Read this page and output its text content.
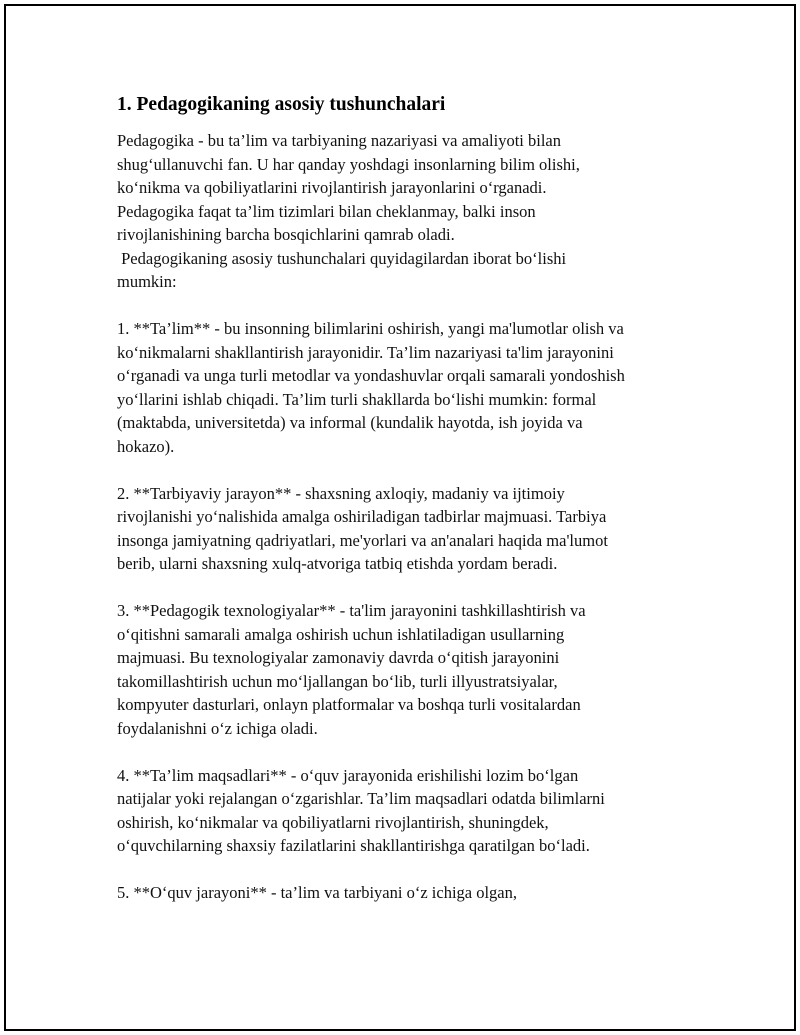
1. Pedagogikaning asosiy tushunchalari

Pedagogika - bu ta’lim va tarbiyaning nazariyasi va amaliyoti bilan
shug‘ullanuvchi fan. U har qanday yoshdagi insonlarning bilim olishi,
ko‘nikma va qobiliyatlarini rivojlantirish jarayonlarini o‘rganadi.
Pedagogika faqat ta’lim tizimlari bilan cheklanmay, balki inson
rivojlanishining barcha bosqichlarini qamrab oladi.

Pedagogikaning asosiy tushunchalari quyidagilardan iborat bo‘lishi
mumkin:

1. **Ta’lim** - bu insonning bilimlarini oshirish, yangi ma'lumotlar olish va
ko‘nikmalarni shakllantirish jarayonidir. Ta’lim nazariyasi ta'lim jarayonini
o‘rganadi va unga turli metodlar va yondashuvlar orqali samarali yondoshish
yo‘llarini ishlab chiqadi. Ta’lim turli shakllarda bo‘lishi mumkin: formal
(maktabda, universitetda) va informal (kundalik hayotda, ish joyida va
hokazo).

2. **Tarbiyaviy jarayon** - shaxsning axloqiy, madaniy va ijtimoiy
rivojlanishi yo‘nalishida amalga oshiriladigan tadbirlar majmuasi. Tarbiya
insonga jamiyatning qadriyatlari, me'yorlari va an'analari haqida ma'lumot
berib, ularni shaxsning xulq-atvoriga tatbiq etishda yordam beradi.

3. **Pedagogik texnologiyalar** - ta'lim jarayonini tashkillashtirish va
o‘qitishni samarali amalga oshirish uchun ishlatiladigan usullarning
majmuasi. Bu texnologiyalar zamonaviy davrda o‘qitish jarayonini
takomillashtirish uchun mo‘ljallangan bo‘lib, turli illyustratsiyalar,
kompyuter dasturlari, onlayn platformalar va boshqa turli vositalardan
foydalanishni o‘z ichiga oladi.

4. **Ta’lim maqsadlari** - o‘quv jarayonida erishilishi lozim bo‘lgan
natijalar yoki rejalangan o‘zgarishlar. Ta’lim maqsadlari odatda bilimlarni
oshirish, ko‘nikmalar va qobiliyatlarni rivojlantirish, shuningdek,
o‘quvchilarning shaxsiy fazilatlarini shakllantirishga qaratilgan bo‘ladi.

5. **O‘quv jarayoni** - ta’lim va tarbiyani o‘z ichiga olgan,
